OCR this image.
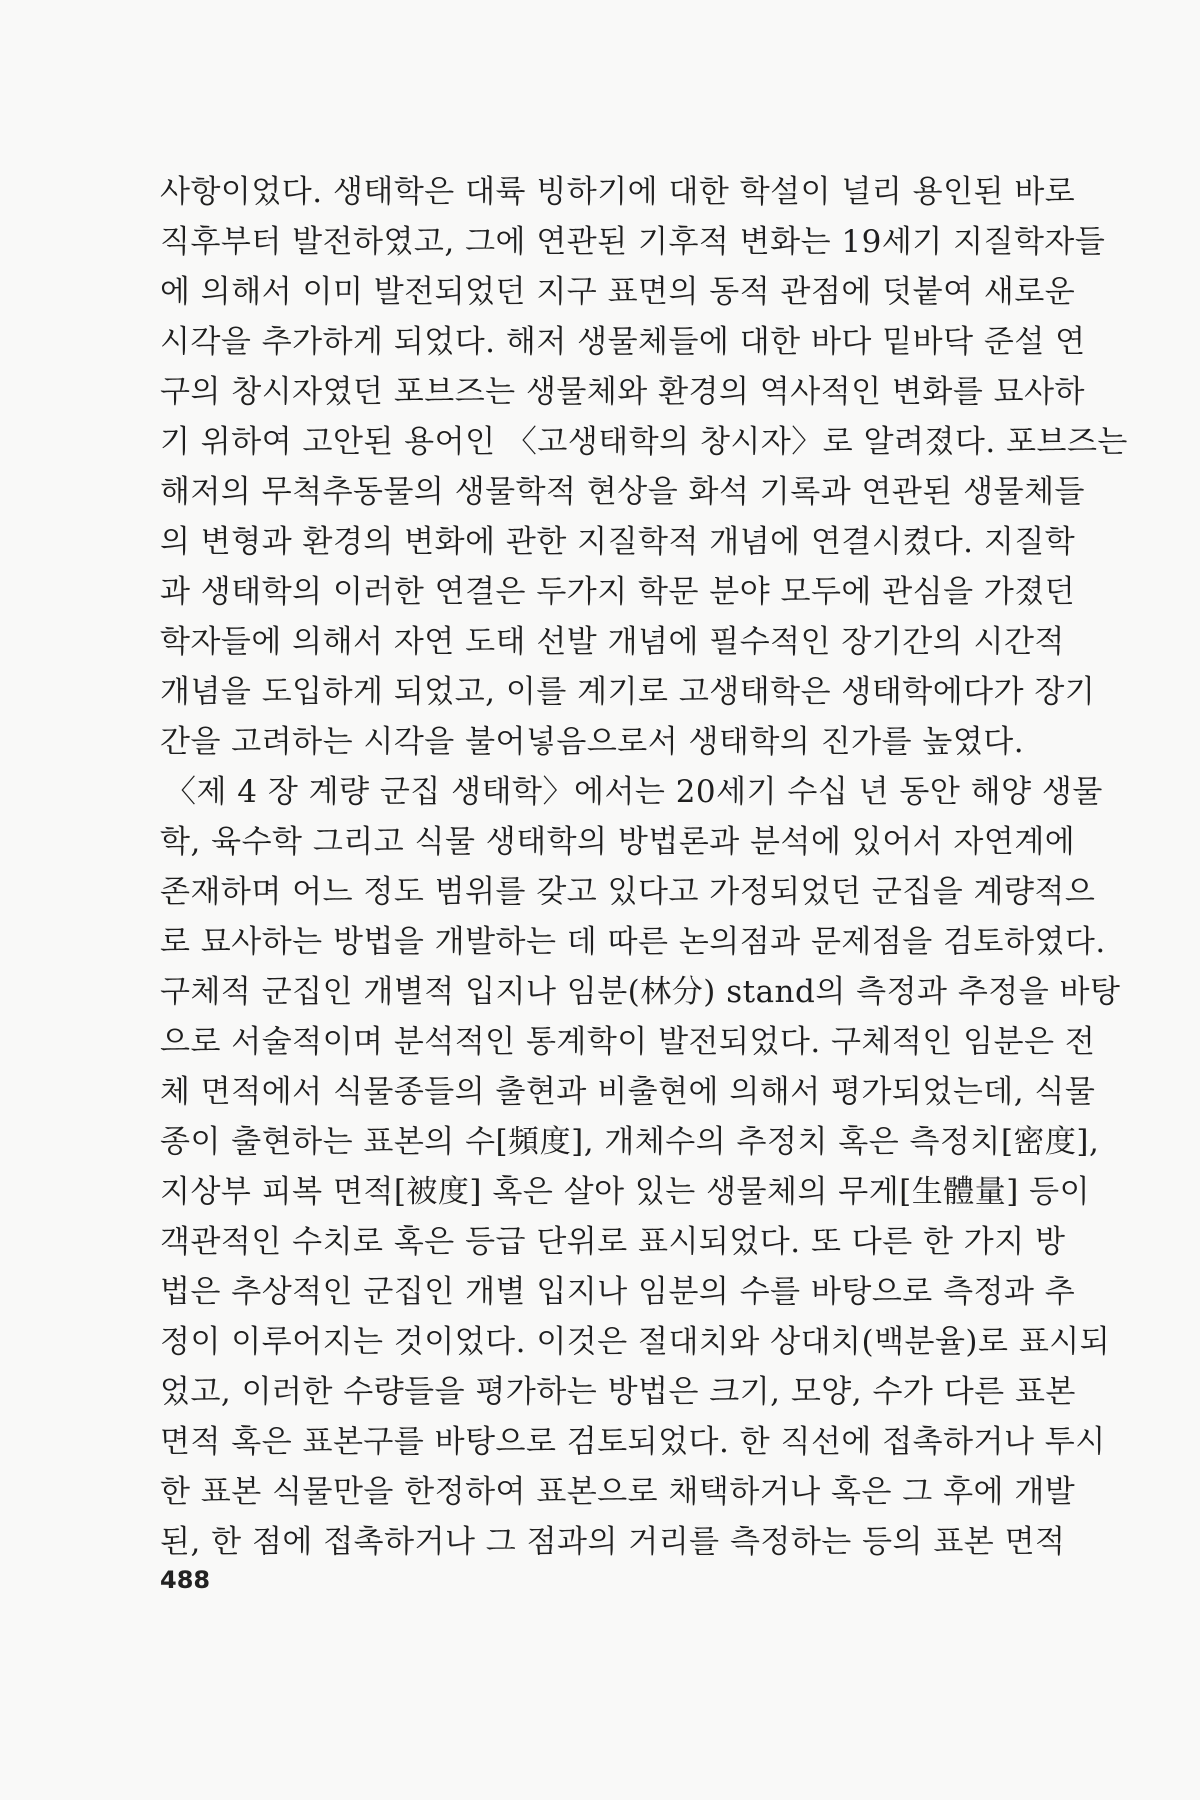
사항이었다. 생태학은 대륙 빙하기에 대한 학설이 널리 용인된 바로
직후부터 발전하였고, 그에 연관된 기후적 변화는 19세기 지질학자들
에 의해서 이미 발전되었던 지구 표면의 동적 관점에 덧붙여 새로운
시각을 추가하게 되었다. 해저 생물체들에 대한 바다 밑바닥 준설 연
구의 창시자였던 포브즈는 생물체와 환경의 역사적인 변화를 묘사하
기 위하여 고안된 용어인 〈고생태학의 창시자〉로 알려졌다. 포브즈는
해저의 무척추동물의 생물학적 현상을 화석 기록과 연관된 생물체들
의 변형과 환경의 변화에 관한 지질학적 개념에 연결시켰다. 지질학
과 생태학의 이러한 연결은 두가지 학문 분야 모두에 관심을 가졌던
학자들에 의해서 자연 도태 선발 개념에 필수적인 장기간의 시간적
개념을 도입하게 되었고, 이를 계기로 고생태학은 생태학에다가 장기
간을 고려하는 시각을 불어넣음으로서 생태학의 진가를 높였다.
〈제 4 장 계량 군집 생태학〉에서는 20세기 수십 년 동안 해양 생물
학, 육수학 그리고 식물 생태학의 방법론과 분석에 있어서 자연계에
존재하며 어느 정도 범위를 갖고 있다고 가정되었던 군집을 계량적으
로 묘사하는 방법을 개발하는 데 따른 논의점과 문제점을 검토하였다.
구체적 군집인 개별적 입지나 임분(林分) stand의 측정과 추정을 바탕
으로 서술적이며 분석적인 통계학이 발전되었다. 구체적인 임분은 전
체 면적에서 식물종들의 출현과 비출현에 의해서 평가되었는데, 식물
종이 출현하는 표본의 수[頻度], 개체수의 추정치 혹은 측정치[密度],
지상부 피복 면적[被度] 혹은 살아 있는 생물체의 무게[生體量] 등이
객관적인 수치로 혹은 등급 단위로 표시되었다. 또 다른 한 가지 방
법은 추상적인 군집인 개별 입지나 임분의 수를 바탕으로 측정과 추
정이 이루어지는 것이었다. 이것은 절대치와 상대치(백분율)로 표시되
었고, 이러한 수량들을 평가하는 방법은 크기, 모양, 수가 다른 표본
면적 혹은 표본구를 바탕으로 검토되었다. 한 직선에 접촉하거나 투시
한 표본 식물만을 한정하여 표본으로 채택하거나 혹은 그 후에 개발
된, 한 점에 접촉하거나 그 점과의 거리를 측정하는 등의 표본 면적
488
